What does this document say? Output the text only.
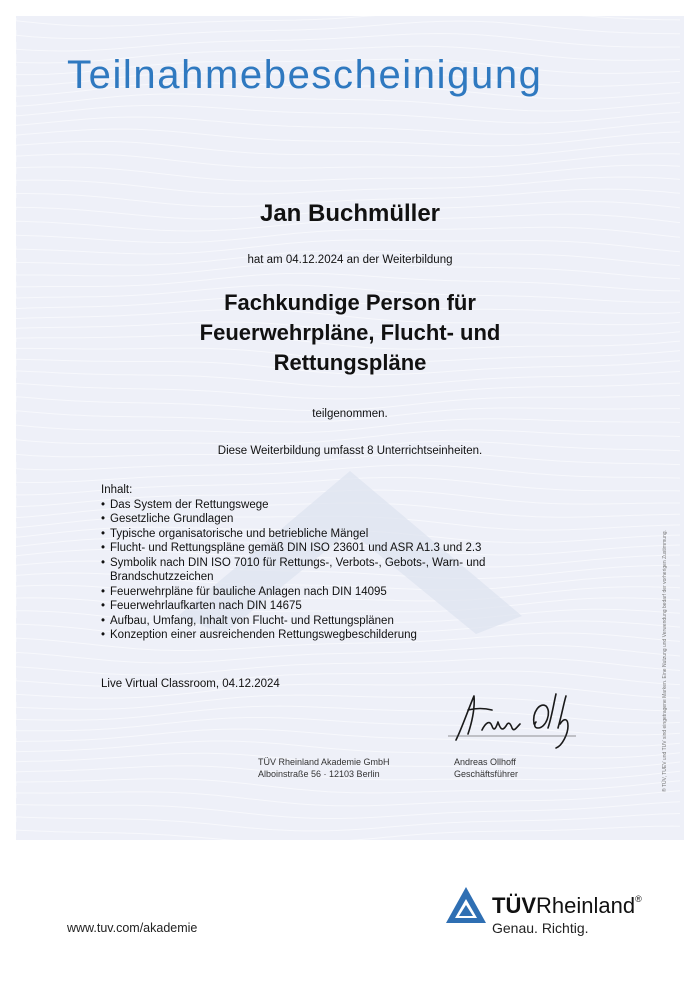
Teilnahmebescheinigung
Jan Buchmüller
hat am 04.12.2024 an der Weiterbildung
Fachkundige Person für
Feuerwehrpläne, Flucht- und
Rettungspläne
teilgenommen.
Diese Weiterbildung umfasst 8 Unterrichtseinheiten.
Inhalt:
• Das System der Rettungswege
• Gesetzliche Grundlagen
• Typische organisatorische und betriebliche Mängel
• Flucht- und Rettungspläne gemäß DIN ISO 23601 und ASR A1.3 und 2.3
• Symbolik nach DIN ISO 7010 für Rettungs-, Verbots-, Gebots-, Warn- und Brandschutzzeichen
• Feuerwehrpläne für bauliche Anlagen nach DIN 14095
• Feuerwehrlaufkarten nach DIN 14675
• Aufbau, Umfang, Inhalt von Flucht- und Rettungsplänen
• Konzeption einer ausreichenden Rettungswegbeschilderung
Live Virtual Classroom, 04.12.2024
TÜV Rheinland Akademie GmbH
Alboinstraße 56 · 12103 Berlin
Andreas Ollhoff
Geschäftsführer	® TÜV, TUEV und TUV sind eingetragene Marken. Eine Nutzung und Verwendung bedarf der vorherigen Zustimmung.
www.tuv.com/akademie
TÜVRheinland®
Genau. Richtig.
